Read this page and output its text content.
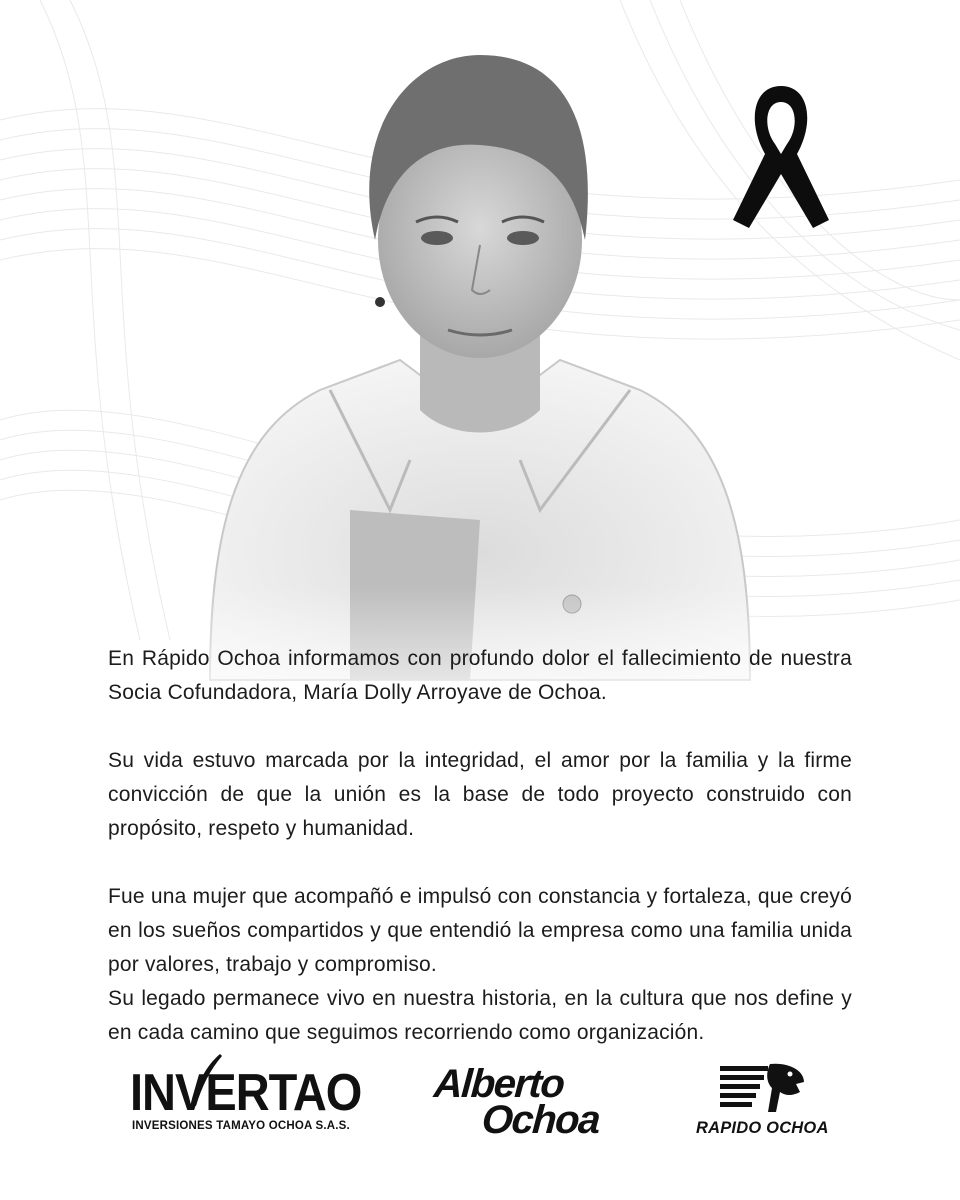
En Rápido Ochoa informamos con profundo dolor el fallecimiento de nuestra Socia Cofundadora, María Dolly Arroyave de Ochoa.

Su vida estuvo marcada por la integridad, el amor por la familia y la firme convicción de que la unión es la base de todo proyecto construido con propósito, respeto y humanidad.

Fue una mujer que acompañó e impulsó con constancia y fortaleza, que creyó en los sueños compartidos y que entendió la empresa como una familia unida por valores, trabajo y compromiso.

Su legado permanece vivo en nuestra historia, en la cultura que nos define y en cada camino que seguimos recorriendo como organización.

INVERTAO
INVERSIONES TAMAYO OCHOA S.A.S.
Alberto
Ochoa	RAPIDO OCHOA
